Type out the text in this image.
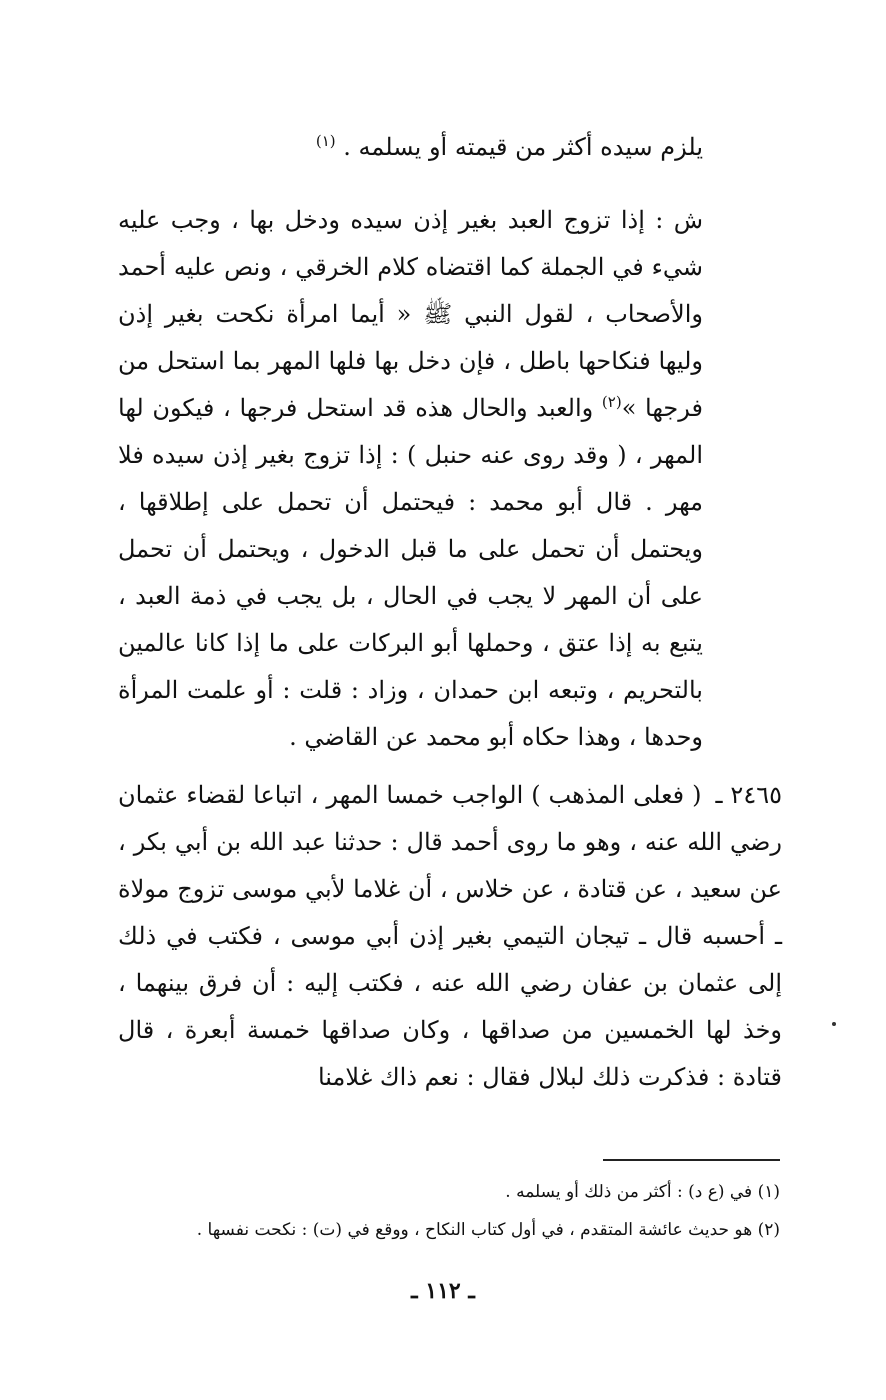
يلزم سيده أكثر من قيمته أو يسلمه . $^{(١)}$
ش : إذا تزوج العبد بغير إذن سيده ودخل بها ، وجب عليه شيء في الجملة كما اقتضاه كلام الخرقي ، ونص عليه أحمد والأصحاب ، لقول النبي ﷺ « أيما امرأة نكحت بغير إذن وليها فنكاحها باطل ، فإن دخل بها فلها المهر بما استحل من فرجها »$^{(٢)}$ والعبد والحال هذه قد استحل فرجها ، فيكون لها المهر ، ( وقد روى عنه حنبل ) : إذا تزوج بغير إذن سيده فلا مهر . قال أبو محمد : فيحتمل أن تحمل على إطلاقها ، ويحتمل أن تحمل على ما قبل الدخول ، ويحتمل أن تحمل على أن المهر لا يجب في الحال ، بل يجب في ذمة العبد ، يتبع به إذا عتق ، وحملها أبو البركات على ما إذا كانا عالمين بالتحريم ، وتبعه ابن حمدان ، وزاد : قلت : أو علمت المرأة وحدها ، وهذا حكاه أبو محمد عن القاضي .
٢٤٦٥ ـ ( فعلى المذهب ) الواجب خمسا المهر ، اتباعا لقضاء عثمان رضي الله عنه ، وهو ما روى أحمد قال : حدثنا عبد الله بن أبي بكر ، عن سعيد ، عن قتادة ، عن خلاس ، أن غلاما لأبي موسى تزوج مولاة ـ أحسبه قال ـ تيجان التيمي بغير إذن أبي موسى ، فكتب في ذلك إلى عثمان بن عفان رضي الله عنه ، فكتب إليه : أن فرق بينهما ، وخذ لها الخمسين من صداقها ، وكان صداقها خمسة أبعرة ، قال قتادة : فذكرت ذلك لبلال فقال : نعم ذاك غلامنا
(١) في (ع د) : أكثر من ذلك أو يسلمه .
(٢) هو حديث عائشة المتقدم ، في أول كتاب النكاح ، ووقع في (ت) : نكحت نفسها .
ـ ١١٢ ـ
